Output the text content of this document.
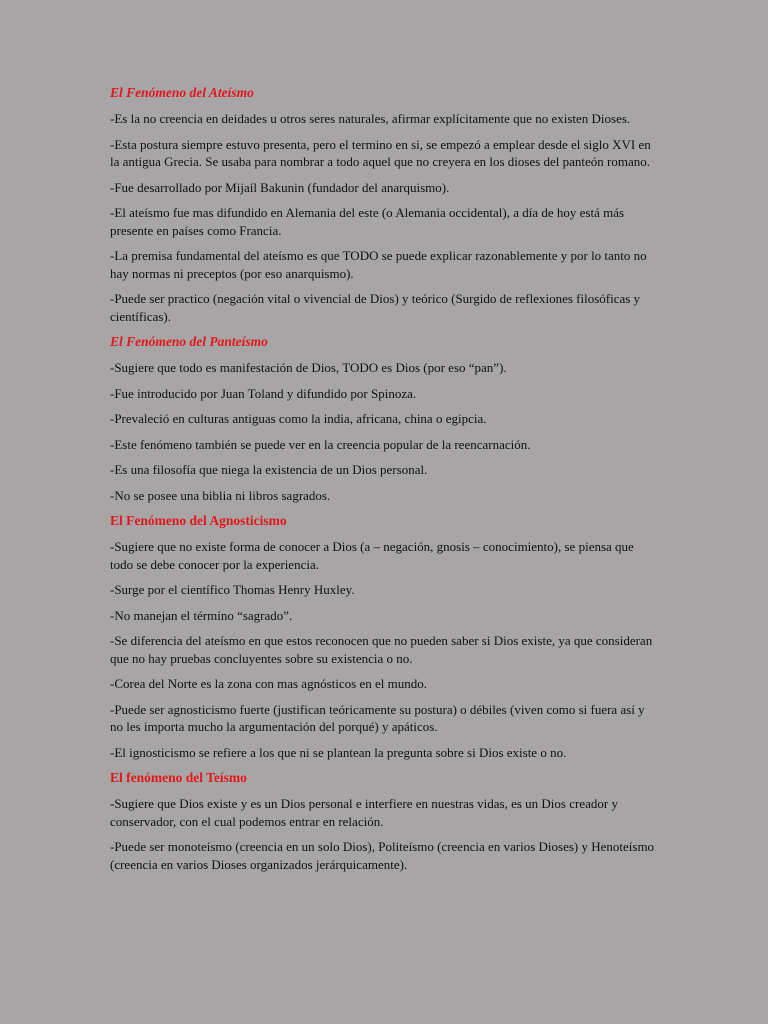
El Fenómeno del Ateísmo

-Es la no creencia en deidades u otros seres naturales, afirmar explícitamente que no existen Dioses.

-Esta postura siempre estuvo presenta, pero el termino en si, se empezó a emplear desde el siglo XVI en la antigua Grecia. Se usaba para nombrar a todo aquel que no creyera en los dioses del panteón romano.

-Fue desarrollado por Mijaíl Bakunin (fundador del anarquismo).

-El ateísmo fue mas difundido en Alemania del este (o Alemania occidental), a día de hoy está más presente en países como Francia.

-La premisa fundamental del ateísmo es que TODO se puede explicar razonablemente y por lo tanto no hay normas ni preceptos (por eso anarquismo).

-Puede ser practico (negación vital o vivencial de Dios) y teórico (Surgido de reflexiones filosóficas y científicas).

El Fenómeno del Panteísmo

-Sugiere que todo es manifestación de Dios, TODO es Dios (por eso “pan”).

-Fue introducido por Juan Toland y difundido por Spinoza.

-Prevaleció en culturas antiguas como la india, africana, china o egipcia.

-Este fenómeno también se puede ver en la creencia popular de la reencarnación.

-Es una filosofía que niega la existencia de un Dios personal.

-No se posee una biblia ni libros sagrados.

El Fenómeno del Agnosticismo

-Sugiere que no existe forma de conocer a Dios (a – negación, gnosis – conocimiento), se piensa que todo se debe conocer por la experiencia.

-Surge por el científico Thomas Henry Huxley.

-No manejan el término “sagrado”.

-Se diferencia del ateísmo en que estos reconocen que no pueden saber si Dios existe, ya que consideran que no hay pruebas concluyentes sobre su existencia o no.

-Corea del Norte es la zona con mas agnósticos en el mundo.

-Puede ser agnosticismo fuerte (justifican teóricamente su postura) o débiles (viven como si fuera así y no les importa mucho la argumentación del porqué) y apáticos.

-El ignosticismo se refiere a los que ni se plantean la pregunta sobre si Dios existe o no.

El fenómeno del Teísmo

-Sugiere que Dios existe y es un Dios personal e interfiere en nuestras vidas, es un Dios creador y conservador, con el cual podemos entrar en relación.

-Puede ser monoteísmo (creencia en un solo Dios), Politeísmo (creencia en varios Dioses) y Henoteísmo (creencia en varios Dioses organizados jerárquicamente).
